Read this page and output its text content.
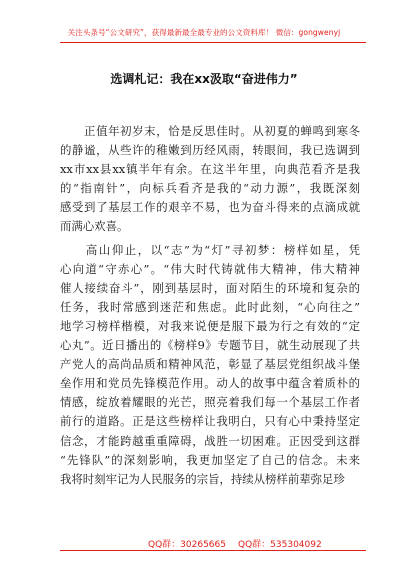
关注头条号“公文研究”，获得最新最全最专业的公文资料库！ 微信：gongwenyj
选调札记：我在xx汲取“奋进伟力”

　　正值年初岁末，恰是反思佳时。从初夏的蝉鸣到寒冬

的静谧，从些许的稚嫩到历经风雨，转眼间，我已选调到

xx市xx县xx镇半年有余。在这半年里，向典范看齐是我

的“指南针”，向标兵看齐是我的“动力源”，我既深刻

感受到了基层工作的艰辛不易，也为奋斗得来的点滴成就

而满心欢喜。

　　高山仰止，以“志”为“灯”寻初梦：榜样如星，凭

心向道“守赤心”。“伟大时代铸就伟大精神，伟大精神

催人接续奋斗”，刚到基层时，面对陌生的环境和复杂的

任务，我时常感到迷茫和焦虑。此时此刻，“心向往之”

地学习榜样楷模，对我来说便是服下最为行之有效的“定

心丸”。近日播出的《榜样9》专题节目，就生动展现了共

产党人的高尚品质和精神风范，彰显了基层党组织战斗堡

垒作用和党员先锋模范作用。动人的故事中蕴含着质朴的

情感，绽放着耀眼的光芒，照亮着我们每一个基层工作者

前行的道路。正是这些榜样让我明白，只有心中秉持坚定

信念，才能跨越重重障碍，战胜一切困难。正因受到这群

“先锋队”的深刻影响，我更加坚定了自己的信念。未来

我将时刻牢记为人民服务的宗旨，持续从榜样前辈弥足珍

QQ群：30265665 QQ群：535304092
